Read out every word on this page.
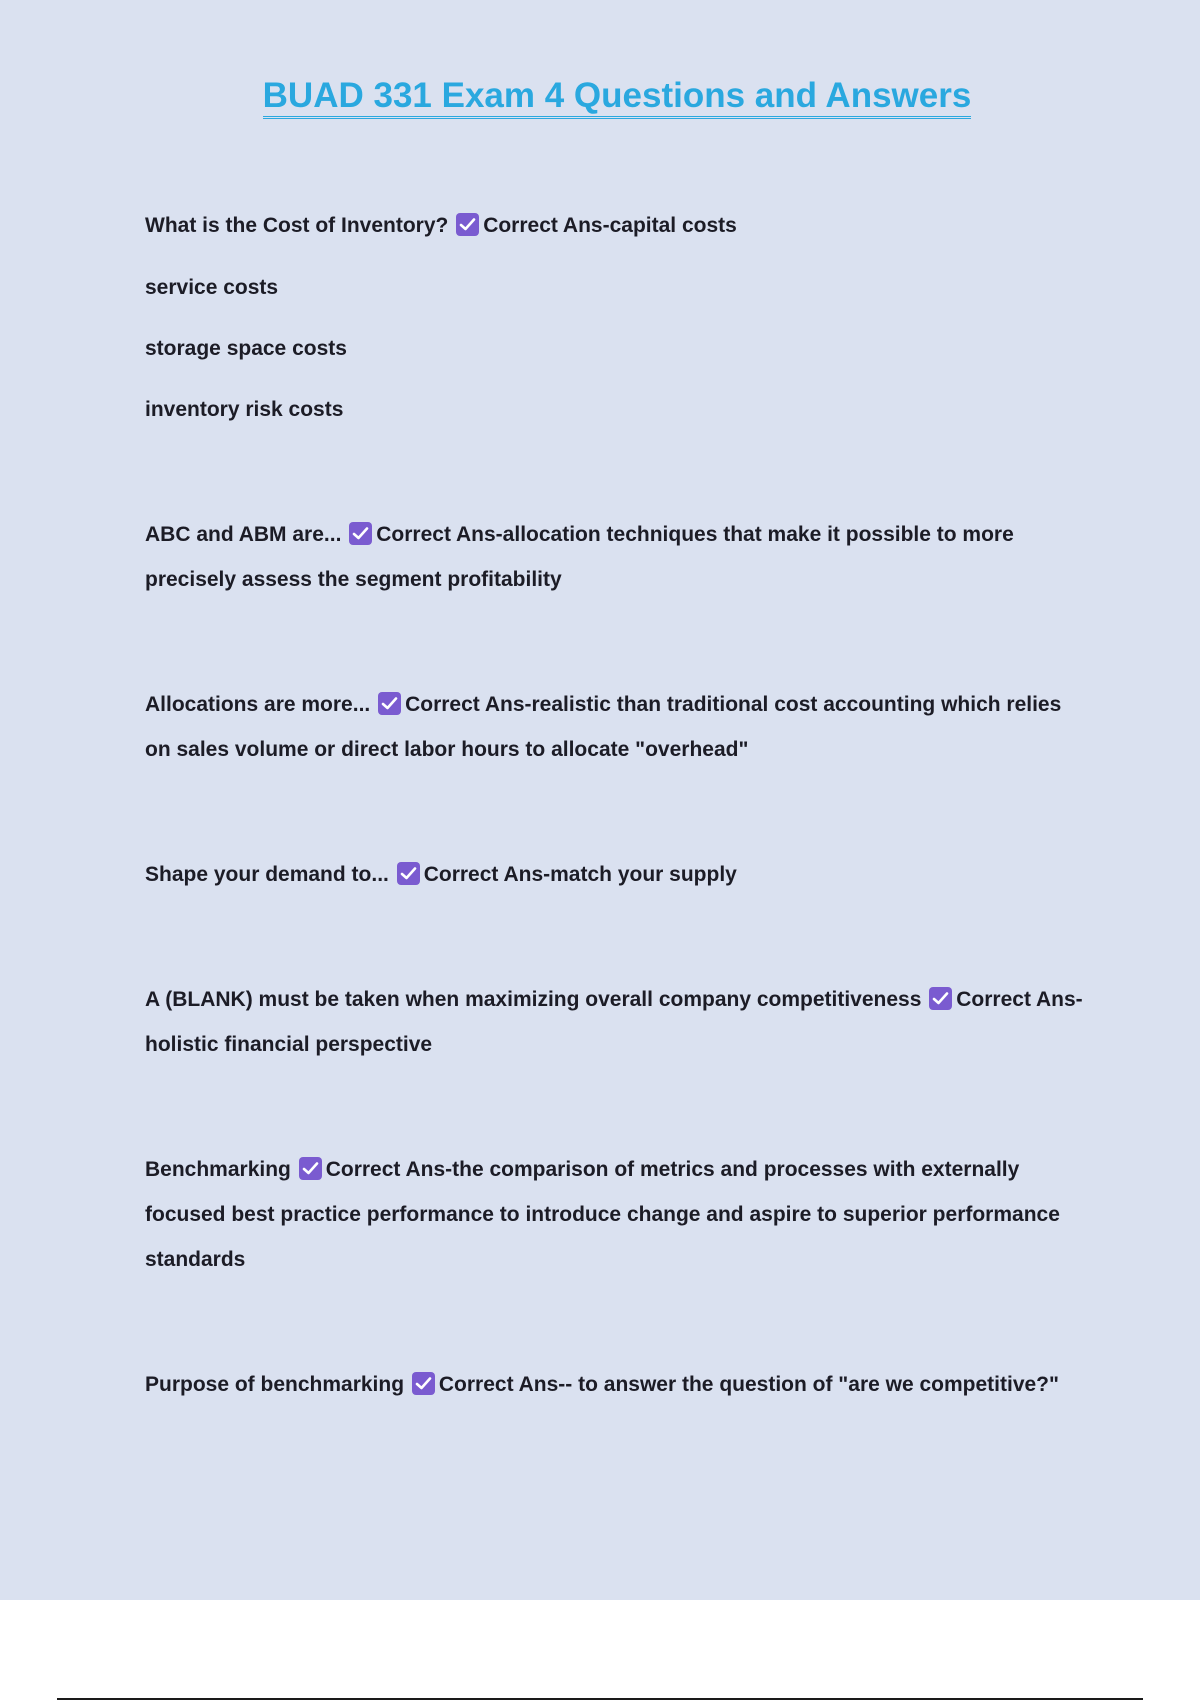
BUAD 331 Exam 4 Questions and Answers

What is the Cost of Inventory? Correct Ans-capital costs

service costs

storage space costs

inventory risk costs

ABC and ABM are... Correct Ans-allocation techniques that make it possible to more precisely assess the segment profitability

Allocations are more... Correct Ans-realistic than traditional cost accounting which relies on sales volume or direct labor hours to allocate "overhead"

Shape your demand to... Correct Ans-match your supply

A (BLANK) must be taken when maximizing overall company competitiveness Correct Ans-holistic financial perspective

Benchmarking Correct Ans-the comparison of metrics and processes with externally focused best practice performance to introduce change and aspire to superior performance standards

Purpose of benchmarking Correct Ans-- to answer the question of "are we competitive?"
